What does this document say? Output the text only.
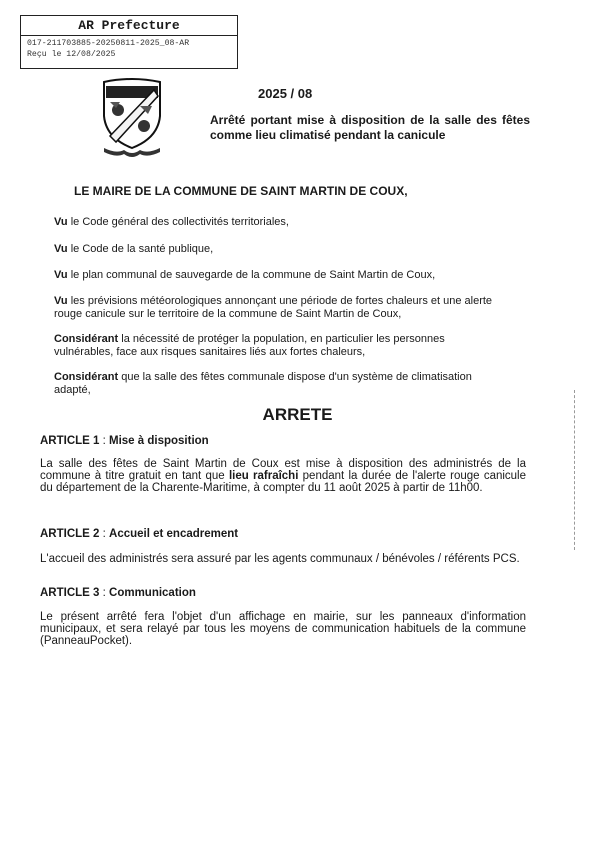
AR Prefecture
017-211703885-20250811-2025_08-AR
Reçu le 12/08/2025
2025 / 08
Arrêté portant mise à disposition de la salle des fêtes comme lieu climatisé pendant la canicule
LE MAIRE DE LA COMMUNE DE SAINT MARTIN DE COUX,
Vu le Code général des collectivités territoriales,
Vu le Code de la santé publique,
Vu le plan communal de sauvegarde de la commune de Saint Martin de Coux,
Vu les prévisions météorologiques annonçant une période de fortes chaleurs et une alerte rouge canicule sur le territoire de la commune de Saint Martin de Coux,
Considérant la nécessité de protéger la population, en particulier les personnes vulnérables, face aux risques sanitaires liés aux fortes chaleurs,
Considérant que la salle des fêtes communale dispose d'un système de climatisation adapté,
ARRETE
ARTICLE 1 : Mise à disposition
La salle des fêtes de Saint Martin de Coux est mise à disposition des administrés de la commune à titre gratuit en tant que lieu rafraîchi pendant la durée de l'alerte rouge canicule du département de la Charente-Maritime, à compter du 11 août 2025 à partir de 11h00.
ARTICLE 2 : Accueil et encadrement
L'accueil des administrés sera assuré par les agents communaux / bénévoles / référents PCS.
ARTICLE 3 : Communication
Le présent arrêté fera l'objet d'un affichage en mairie, sur les panneaux d'information municipaux, et sera relayé par tous les moyens de communication habituels de la commune (PanneauPocket).
